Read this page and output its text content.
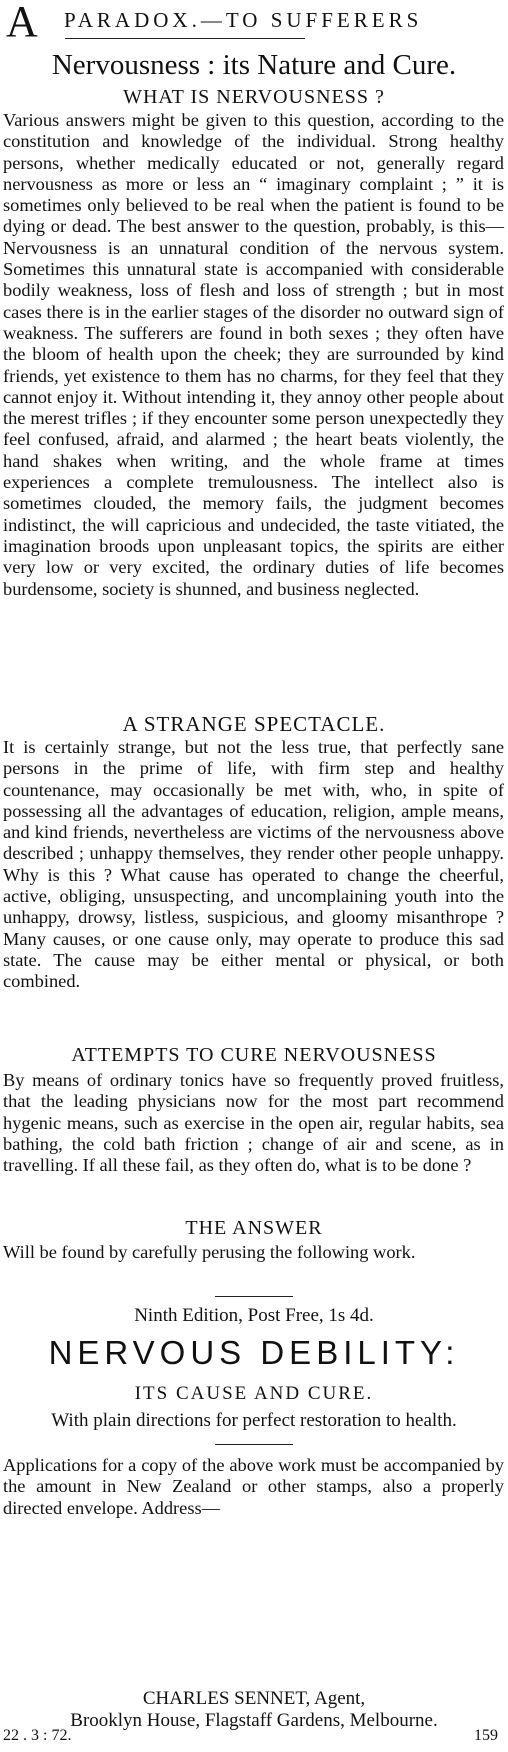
A PARADOX.—TO SUFFERERS
Nervousness : its Nature and Cure.
WHAT IS NERVOUSNESS ?

Various answers might be given to this question, according to the constitution and knowledge of the individual. Strong healthy persons, whether medically educated or not, generally regard nervousness as more or less an “ imaginary complaint ; ” it is sometimes only believed to be real when the patient is found to be dying or dead. The best answer to the question, probably, is this—Nervousness is an unnatural condition of the nervous system. Sometimes this unnatural state is accompanied with considerable bodily weakness, loss of flesh and loss of strength ; but in most cases there is in the earlier stages of the disorder no outward sign of weakness. The sufferers are found in both sexes ; they often have the bloom of health upon the cheek; they are surrounded by kind friends, yet existence to them has no charms, for they feel that they cannot enjoy it. Without intending it, they annoy other people about the merest trifles ; if they encounter some person unexpectedly they feel confused, afraid, and alarmed ; the heart beats violently, the hand shakes when writing, and the whole frame at times experiences a complete tremulousness. The intellect also is sometimes clouded, the memory fails, the judgment becomes indistinct, the will capricious and undecided, the taste vitiated, the imagination broods upon unpleasant topics, the spirits are either very low or very excited, the ordinary duties of life becomes burdensome, society is shunned, and business neglected.

A STRANGE SPECTACLE.

It is certainly strange, but not the less true, that perfectly sane persons in the prime of life, with firm step and healthy countenance, may occasionally be met with, who, in spite of possessing all the advantages of education, religion, ample means, and kind friends, nevertheless are victims of the nervousness above described ; unhappy themselves, they render other people unhappy. Why is this ? What cause has operated to change the cheerful, active, obliging, unsuspecting, and uncomplaining youth into the unhappy, drowsy, listless, suspicious, and gloomy misanthrope ? Many causes, or one cause only, may operate to produce this sad state. The cause may be either mental or physical, or both combined.

ATTEMPTS TO CURE NERVOUSNESS

By means of ordinary tonics have so frequently proved fruitless, that the leading physicians now for the most part recommend hygenic means, such as exercise in the open air, regular habits, sea bathing, the cold bath friction ; change of air and scene, as in travelling. If all these fail, as they often do, what is to be done ?

THE ANSWER

Will be found by carefully perusing the following work.

Ninth Edition, Post Free, 1s 4d.
NERVOUS DEBILITY:
ITS CAUSE AND CURE.
With plain directions for perfect restoration to health.

Applications for a copy of the above work must be accompanied by the amount in New Zealand or other stamps, also a properly directed envelope. Address—

CHARLES SENNET, Agent,
Brooklyn House, Flagstaff Gardens, Melbourne.
22 . 3 : 72.	159
